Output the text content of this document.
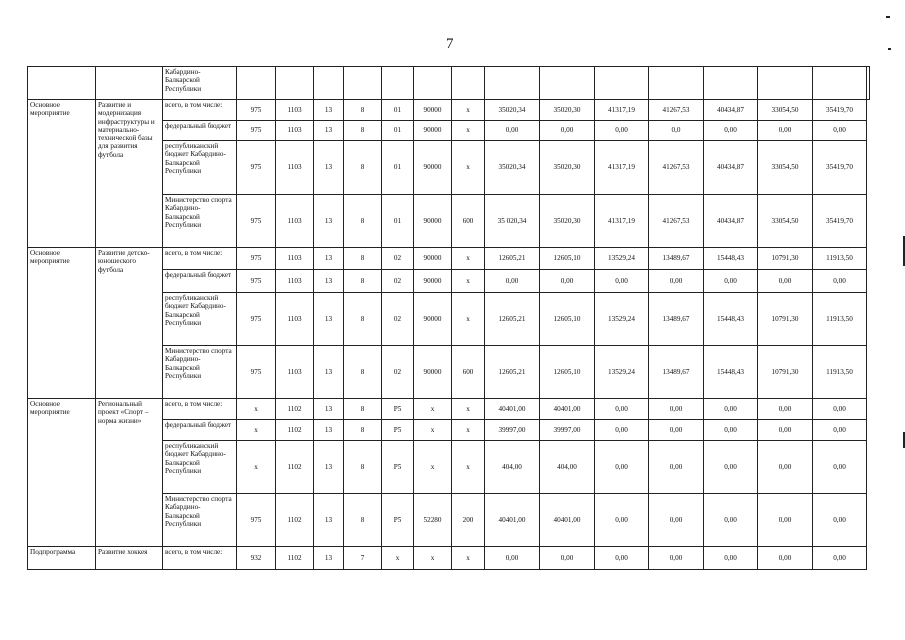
7
		Кабардино-Балкарской Республики															
Основное мероприятие	Развитие и модернизация инфраструктуры и материально-технической базы для развития футбола	всего, в том числе:	975	1103	13	8	01	90000	х	35020,34	35020,30	41317,19	41267,53	40434,87	33054,50	35419,70	
		федеральный бюджет	975	1103	13	8	01	90000	х	0,00	0,00	0,00	0,0	0,00	0,00	0,00	
		республиканский бюджет Кабардино-Балкарской Республики	975	1103	13	8	01	90000	х	35020,34	35020,30	41317,19	41267,53	40434,87	33054,50	35419,70	
		Министерство спорта Кабардино-Балкарской Республики	975	1103	13	8	01	90000	600	35 020,34	35020,30	41317,19	41267,53	40434,87	33054,50	35419,70	
Основное мероприятие	Развитие детско-юношеского футбола	всего, в том числе:	975	1103	13	8	02	90000	х	12605,21	12605,10	13529,24	13489,67	15448,43	10791,30	11913,50	
		федеральный бюджет	975	1103	13	8	02	90000	х	0,00	0,00	0,00	0,00	0,00	0,00	0,00	
		республиканский бюджет Кабардино-Балкарской Республики	975	1103	13	8	02	90000	х	12605,21	12605,10	13529,24	13489,67	15448,43	10791,30	11913,50	
		Министерство спорта Кабардино-Балкарской Республики	975	1103	13	8	02	90000	600	12605,21	12605,10	13529,24	13489,67	15448,43	10791,30	11913,50	
Основное мероприятие	Региональный проект «Спорт – норма жизни»	всего, в том числе:	х	1102	13	8	P5	х	х	40401,00	40401,00	0,00	0,00	0,00	0,00	0,00	
		федеральный бюджет	х	1102	13	8	P5	х	х	39997,00	39997,00	0,00	0,00	0,00	0,00	0,00	
		республиканский бюджет Кабардино-Балкарской Республики	х	1102	13	8	P5	х	х	404,00	404,00	0,00	0,00	0,00	0,00	0,00	
		Министерство спорта Кабардино-Балкарской Республики	975	1102	13	8	P5	52280	200	40401,00	40401,00	0,00	0,00	0,00	0,00	0,00	
Подпрограмма	Развитие хоккея	всего, в том числе:	932	1102	13	7	х	х	х	0,00	0,00	0,00	0,00	0,00	0,00	0,00	
